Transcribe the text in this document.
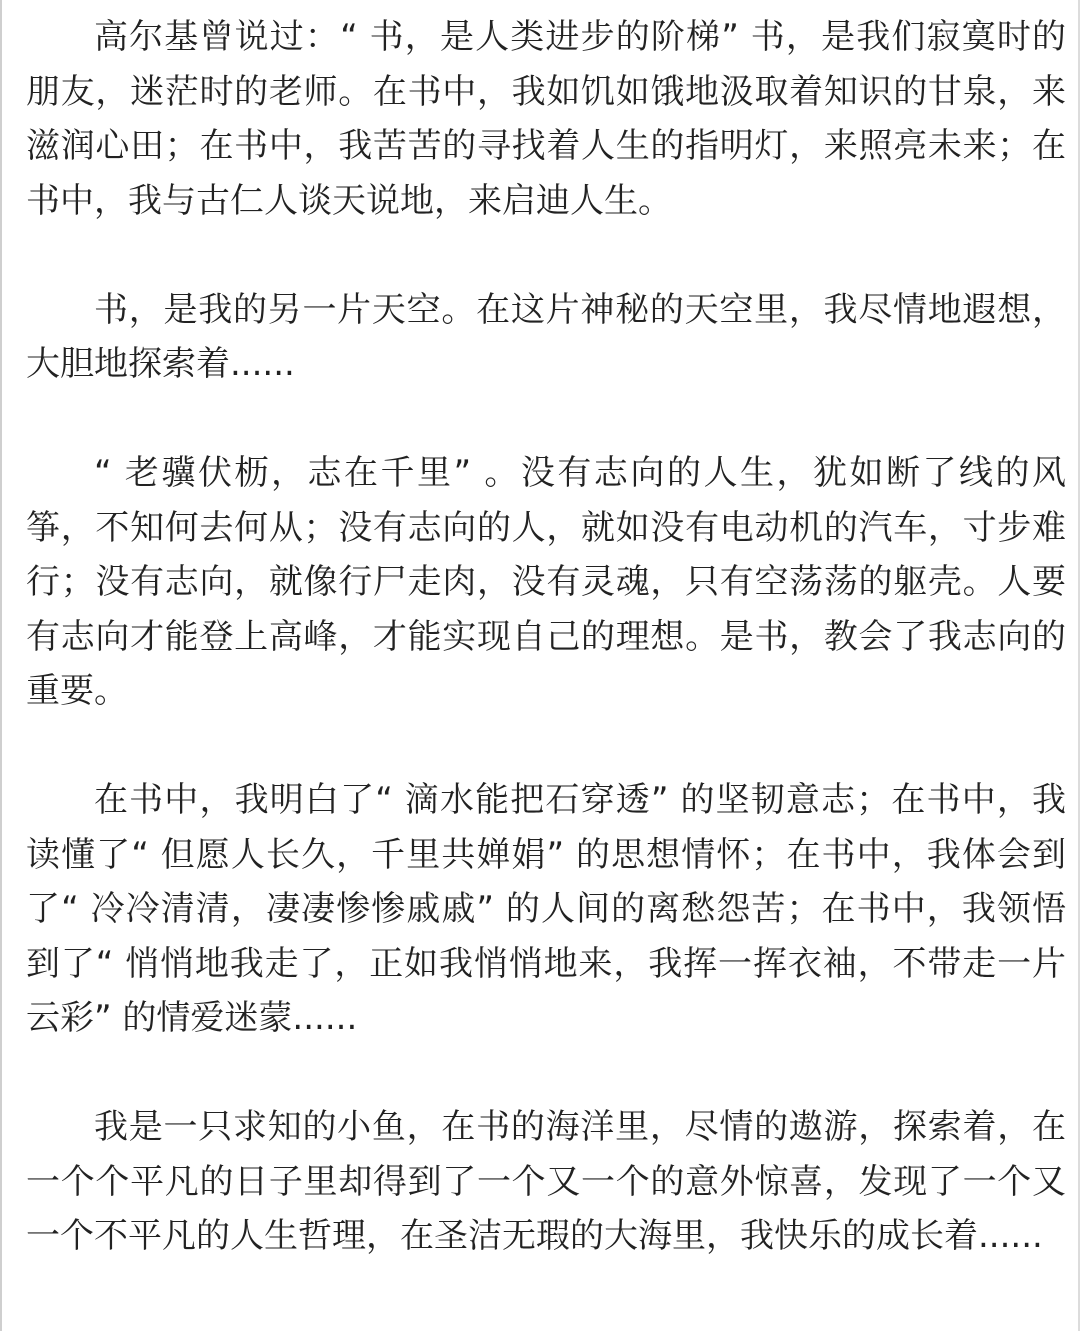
高尔基曾说过：“ 书，是人类进步的阶梯” 书，是我们寂寞时的朋友，迷茫时的老师。在书中，我如饥如饿地汲取着知识的甘泉，来滋润心田；在书中，我苦苦的寻找着人生的指明灯，来照亮未来；在书中，我与古仁人谈天说地，来启迪人生。

书，是我的另一片天空。在这片神秘的天空里，我尽情地遐想，大胆地探索着......

“ 老骥伏枥，志在千里” 。没有志向的人生，犹如断了线的风筝，不知何去何从；没有志向的人，就如没有电动机的汽车，寸步难行；没有志向，就像行尸走肉，没有灵魂，只有空荡荡的躯壳。人要有志向才能登上高峰，才能实现自己的理想。是书，教会了我志向的重要。

在书中，我明白了“ 滴水能把石穿透” 的坚韧意志；在书中，我读懂了“ 但愿人长久，千里共婵娟” 的思想情怀；在书中，我体会到了“ 冷冷清清，凄凄惨惨戚戚” 的人间的离愁怨苦；在书中，我领悟到了“ 悄悄地我走了，正如我悄悄地来，我挥一挥衣袖，不带走一片云彩” 的情爱迷蒙......

我是一只求知的小鱼，在书的海洋里，尽情的遨游，探索着，在一个个平凡的日子里却得到了一个又一个的意外惊喜，发现了一个又一个不平凡的人生哲理，在圣洁无瑕的大海里，我快乐的成长着......
